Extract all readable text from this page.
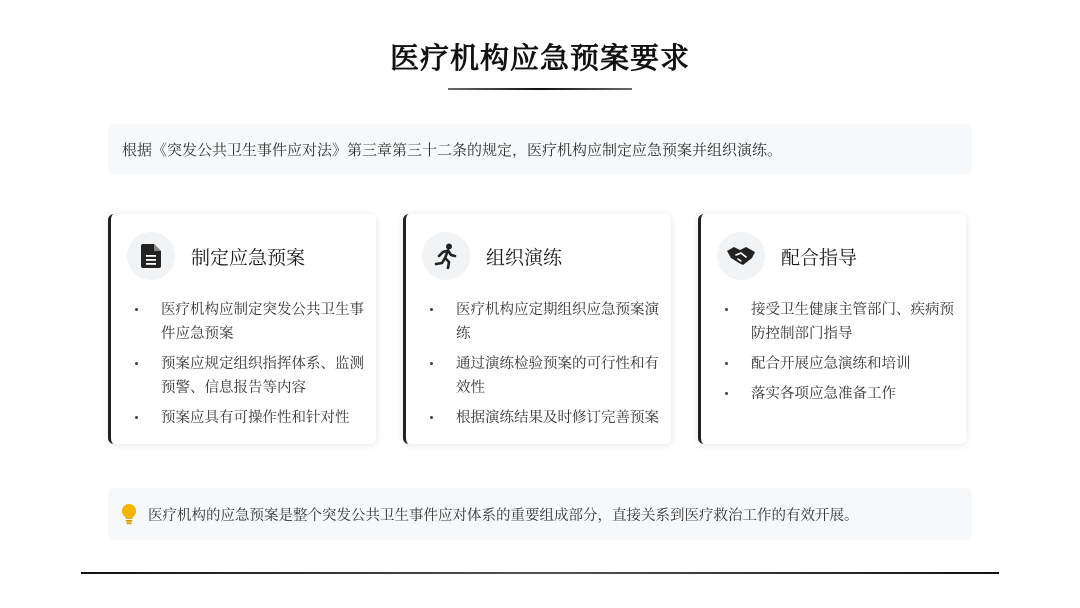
医疗机构应急预案要求
根据《突发公共卫生事件应对法》第三章第三十二条的规定，医疗机构应制定应急预案并组织演练。
制定应急预案
医疗机构应制定突发公共卫生事件应急预案
预案应规定组织指挥体系、监测预警、信息报告等内容
预案应具有可操作性和针对性
组织演练
医疗机构应定期组织应急预案演练
通过演练检验预案的可行性和有效性
根据演练结果及时修订完善预案
配合指导
接受卫生健康主管部门、疾病预防控制部门指导
配合开展应急演练和培训
落实各项应急准备工作
医疗机构的应急预案是整个突发公共卫生事件应对体系的重要组成部分，直接关系到医疗救治工作的有效开展。
